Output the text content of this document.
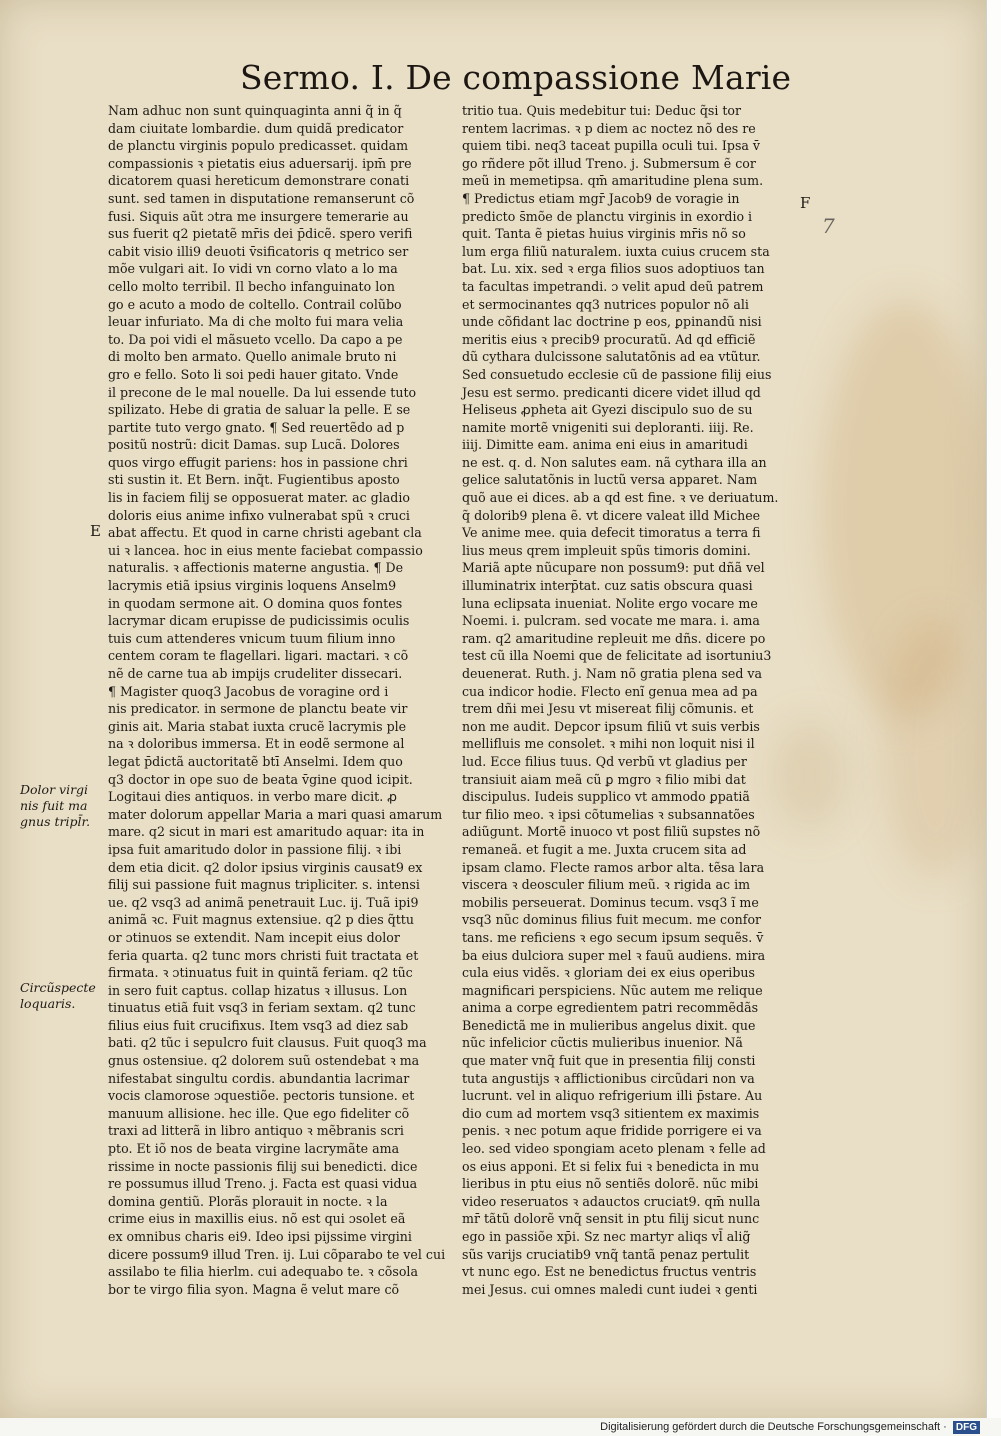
Sermo. I. De compassione Marie
Nam adhuc non sunt quinquaginta anni q̃ in q̃
dam ciuitate lombardie. dum quidã predicator
de planctu virginis populo predicasset. quidam
compassionis ꝛ pietatis eius aduersarij. ipm̄ pre
dicatorem quasi hereticum demonstrare conati
sunt. sed tamen in disputatione remanserunt cõ
fusi. Siquis aũt ɔtra me insurgere temerarie au
sus fuerit q2 pietatẽ mr̄is dei p̄dicẽ. spero verifi
cabit visio illi9 deuoti v̄sificatoris q metrico ser
mõe vulgari ait. Io vidi vn corno vlato a lo ma
cello molto terribil. Il becho infanguinato lon
go e acuto a modo de coltello. Contrail colũbo
leuar infuriato. Ma di che molto fui mara velia
to. Da poi vidi el mãsueto vcello. Da capo a pe
di molto ben armato. Quello animale bruto ni
gro e fello. Soto li soi pedi hauer gitato. Vnde
il precone de le mal nouelle. Da lui essende tuto
spilizato. Hebe di gratia de saluar la pelle. E se
partite tuto vergo gnato. ¶ Sed reuertẽdo ad p
positũ nostrũ: dicit Damas. sup Lucã. Dolores
quos virgo effugit pariens: hos in passione chri
sti sustin it. Et Bern. inq̃t. Fugientibus aposto
lis in faciem filij se opposuerat mater. ac gladio
doloris eius anime infixo vulnerabat spũ ꝛ cruci
abat affectu. Et quod in carne christi agebant cla
ui ꝛ lancea. hoc in eius mente faciebat compassio
naturalis. ꝛ affectionis materne angustia. ¶ De
lacrymis etiã ipsius virginis loquens Anselm9
in quodam sermone ait. O domina quos fontes
lacrymar dicam erupisse de pudicissimis oculis
tuis cum attenderes vnicum tuum filium inno
centem coram te flagellari. ligari. mactari. ꝛ cõ
nẽ de carne tua ab impijs crudeliter dissecari.
¶ Magister quoq3 Jacobus de voragine ord i
nis predicator. in sermone de planctu beate vir
ginis ait. Maria stabat iuxta crucẽ lacrymis ple
na ꝛ doloribus immersa. Et in eodẽ sermone al
legat p̄dictã auctoritatẽ btī Anselmi. Idem quo
q3 doctor in ope suo de beata v̄gine quod icipit.
Logitaui dies antiquos. in verbo mare dicit. ꝓ
mater dolorum appellar Maria a mari quasi amarum
mare. q2 sicut in mari est amaritudo aquar: ita in
ipsa fuit amaritudo dolor in passione filij. ꝛ ibi
dem etia dicit. q2 dolor ipsius virginis causat9 ex
filij sui passione fuit magnus tripliciter. s. intensi
ue. q2 vsq3 ad animã penetrauit Luc. ij. Tuã ipi9
animã ꝛc. Fuit magnus extensiue. q2 p dies q̃ttu
or ɔtinuos se extendit. Nam incepit eius dolor
feria quarta. q2 tunc mors christi fuit tractata et
firmata. ꝛ ɔtinuatus fuit in quintã feriam. q2 tũc
in sero fuit captus. collap hizatus ꝛ illusus. Lon
tinuatus etiã fuit vsq3 in feriam sextam. q2 tunc
filius eius fuit crucifixus. Item vsq3 ad diez sab
bati. q2 tũc i sepulcro fuit clausus. Fuit quoq3 ma
gnus ostensiue. q2 dolorem suũ ostendebat ꝛ ma
nifestabat singultu cordis. abundantia lacrimar
vocis clamorose ɔquestiõe. pectoris tunsione. et
manuum allisione. hec ille. Que ego fideliter cõ
traxi ad litterã in libro antiquo ꝛ mẽbranis scri
pto. Et iõ nos de beata virgine lacrymãte ama
rissime in nocte passionis filij sui benedicti. dice
re possumus illud Treno. j. Facta est quasi vidua
domina gentiũ. Plorãs plorauit in nocte. ꝛ la
crime eius in maxillis eius. nõ est qui ɔsolet eã
ex omnibus charis ei9. Ideo ipsi pijssime virgini
dicere possum9 illud Tren. ij. Lui cõparabo te vel cui
assilabo te filia hierlm. cui adequabo te. ꝛ cõsola
bor te virgo filia syon. Magna ẽ velut mare cõ
tritio tua. Quis medebitur tui: Deduc q̃si tor
rentem lacrimas. ꝛ p diem ac noctez nõ des re
quiem tibi. neq3 taceat pupilla oculi tui. Ipsa v̄
go rñdere põt illud Treno. j. Submersum ẽ cor
meũ in memetipsa. qm̄ amaritudine plena sum.
¶ Predictus etiam mgr̄ Jacob9 de voragie in
predicto s̄mõe de planctu virginis in exordio i
quit. Tanta ẽ pietas huius virginis mr̄is nõ so
lum erga filiũ naturalem. iuxta cuius crucem sta
bat. Lu. xix. sed ꝛ erga filios suos adoptiuos tan
ta facultas impetrandi. ɔ velit apud deũ patrem
et sermocinantes qq3 nutrices populor nõ ali
unde cõfidant lac doctrine p eos, ꝑpinandũ nisi
meritis eius ꝛ precib9 procuratũ. Ad qd efficiẽ
dũ cythara dulcissone salutatõnis ad ea vtũtur.
Sed consuetudo ecclesie cũ de passione filij eius
Jesu est sermo. predicanti dicere videt illud qd
Heliseus ꝓpheta ait Gyezi discipulo suo de su
namite mortẽ vnigeniti sui deploranti. iiij. Re.
iiij. Dimitte eam. anima eni eius in amaritudi
ne est. q. d. Non salutes eam. nã cythara illa an
gelice salutatõnis in luctũ versa apparet. Nam
quõ aue ei dices. ab a qd est fine. ꝛ ve deriuatum.
q̃ dolorib9 plena ẽ. vt dicere valeat illd Michee
Ve anime mee. quia defecit timoratus a terra fi
lius meus qrem impleuit spũs timoris domini.
Mariã apte nũcupare non possum9: put dñã vel
illuminatrix interp̄tat. cuz satis obscura quasi
luna eclipsata inueniat. Nolite ergo vocare me
Noemi. i. pulcram. sed vocate me mara. i. ama
ram. q2 amaritudine repleuit me dñs. dicere po
test cũ illa Noemi que de felicitate ad isortuniu3
deuenerat. Ruth. j. Nam nõ gratia plena sed va
cua indicor hodie. Flecto enĩ genua mea ad pa
trem dñi mei Jesu vt misereat filij cõmunis. et
non me audit. Depcor ipsum filiũ vt suis verbis
mellifluis me consolet. ꝛ mihi non loquit nisi il
lud. Ecce filius tuus. Qd verbũ vt gladius per
transiuit aiam meã cũ ꝑ mgro ꝛ filio mibi dat
discipulus. Iudeis supplico vt ammodo ꝑpatiã
tur filio meo. ꝛ ipsi cõtumelias ꝛ subsannatões
adiũgunt. Mortẽ inuoco vt post filiũ supstes nõ
remaneã. et fugit a me. Juxta crucem sita ad
ipsam clamo. Flecte ramos arbor alta. tẽsa lara
viscera ꝛ deosculer filium meũ. ꝛ rigida ac im
mobilis perseuerat. Dominus tecum. vsq3 ĩ me
vsq3 nũc dominus filius fuit mecum. me confor
tans. me reficiens ꝛ ego secum ipsum sequẽs. v̄
ba eius dulciora super mel ꝛ fauũ audiens. mira
cula eius vidẽs. ꝛ gloriam dei ex eius operibus
magnificari perspiciens. Nũc autem me relique
anima a corpe egredientem patri recommẽdãs
Benedictã me in mulieribus angelus dixit. que
nũc infelicior cũctis mulieribus inuenior. Nã
que mater vnq̃ fuit que in presentia filij consti
tuta angustijs ꝛ afflictionibus circũdari non va
lucrunt. vel in aliquo refrigerium illi p̄stare. Au
dio cum ad mortem vsq3 sitientem ex maximis
penis. ꝛ nec potum aque fridide porrigere ei va
leo. sed video spongiam aceto plenam ꝛ felle ad
os eius apponi. Et si felix fui ꝛ benedicta in mu
lieribus in ptu eius nõ sentiẽs dolorẽ. nũc mibi
video reseruatos ꝛ adauctos cruciat9. qm̄ nulla
mr̄ tãtũ dolorẽ vnq̃ sensit in ptu filij sicut nunc
ego in passiõe xp̄i. Sz nec martyr aliqs vl̄ alig̃
sũs varijs cruciatib9 vnq̃ tantã penaz pertulit
vt nunc ego. Est ne benedictus fructus ventris
mei Jesus. cui omnes maledi cunt iudei ꝛ genti
Dolor virgi
nis fuit ma
gnus tripl̄r.
Circũspecte
loquaris.
E
F
7
Digitalisierung gefördert durch die Deutsche Forschungsgemeinschaft · DFG
